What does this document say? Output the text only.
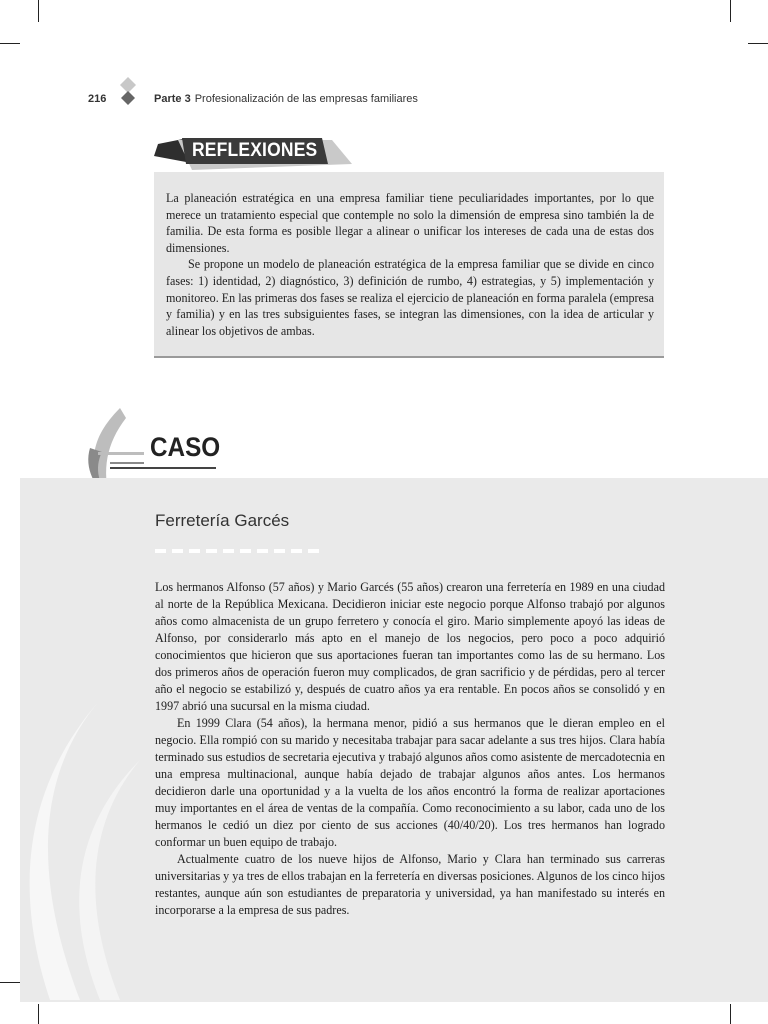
216	Parte 3 Profesionalización de las empresas familiares
REFLEXIONES

La planeación estratégica en una empresa familiar tiene peculiaridades importantes, por lo que merece un tratamiento especial que contemple no solo la dimensión de empresa sino también la de familia. De esta forma es posible llegar a alinear o unificar los intereses de cada una de estas dos dimensiones.

Se propone un modelo de planeación estratégica de la empresa familiar que se divide en cinco fases: 1) identidad, 2) diagnóstico, 3) definición de rumbo, 4) estrategias, y 5) implementación y monitoreo. En las primeras dos fases se realiza el ejercicio de planeación en forma paralela (empresa y familia) y en las tres subsiguientes fases, se integran las dimensiones, con la idea de articular y alinear los objetivos de ambas.

CASO
Ferretería Garcés

Los hermanos Alfonso (57 años) y Mario Garcés (55 años) crearon una ferretería en 1989 en una ciudad al norte de la República Mexicana. Decidieron iniciar este negocio porque Alfonso trabajó por algunos años como almacenista de un grupo ferretero y conocía el giro. Mario simplemente apoyó las ideas de Alfonso, por considerarlo más apto en el manejo de los negocios, pero poco a poco adquirió conocimientos que hicieron que sus aportaciones fueran tan importantes como las de su hermano. Los dos primeros años de operación fueron muy complicados, de gran sacrificio y de pérdidas, pero al tercer año el negocio se estabilizó y, después de cuatro años ya era rentable. En pocos años se consolidó y en 1997 abrió una sucursal en la misma ciudad.

En 1999 Clara (54 años), la hermana menor, pidió a sus hermanos que le dieran empleo en el negocio. Ella rompió con su marido y necesitaba trabajar para sacar adelante a sus tres hijos. Clara había terminado sus estudios de secretaria ejecutiva y trabajó algunos años como asistente de mercadotecnia en una empresa multinacional, aunque había dejado de trabajar algunos años antes. Los hermanos decidieron darle una oportunidad y a la vuelta de los años encontró la forma de realizar aportaciones muy importantes en el área de ventas de la compañía. Como reconocimiento a su labor, cada uno de los hermanos le cedió un diez por ciento de sus acciones (40/40/20). Los tres hermanos han logrado conformar un buen equipo de trabajo.

Actualmente cuatro de los nueve hijos de Alfonso, Mario y Clara han terminado sus carreras universitarias y ya tres de ellos trabajan en la ferretería en diversas posiciones. Algunos de los cinco hijos restantes, aunque aún son estudiantes de preparatoria y universidad, ya han manifestado su interés en incorporarse a la empresa de sus padres.
